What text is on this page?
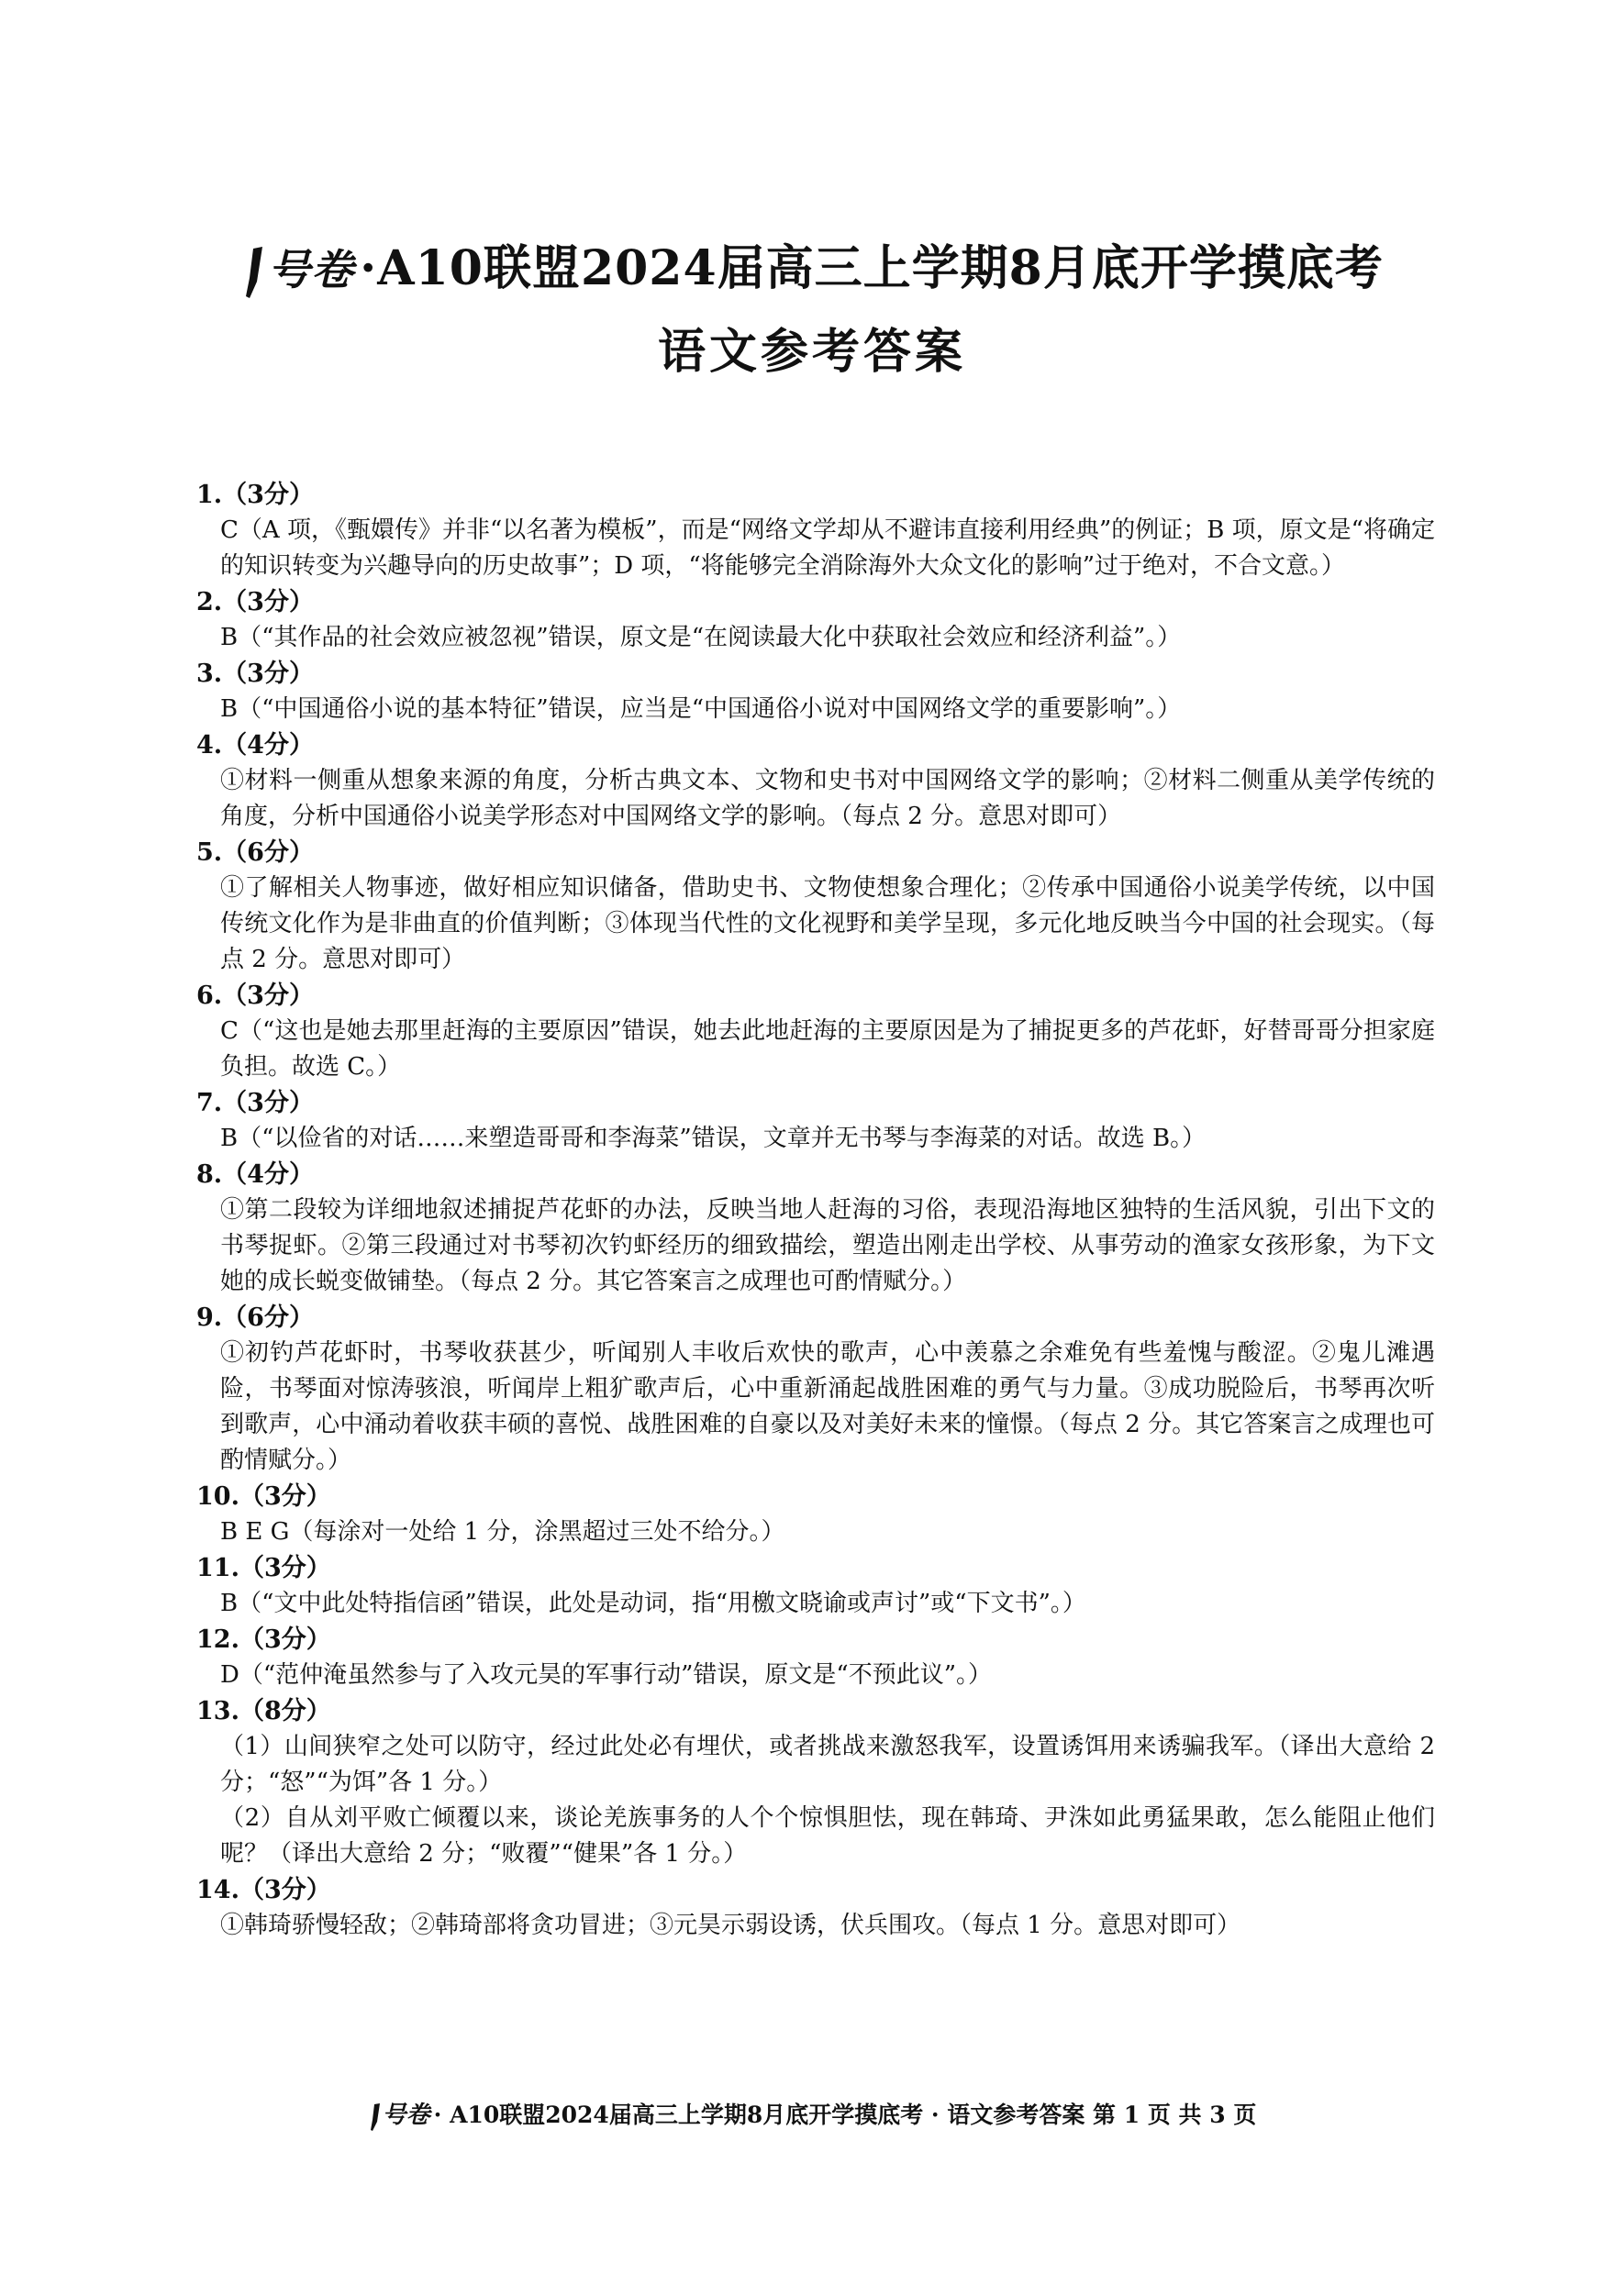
号卷 ·A10联盟2024届高三上学期8月底开学摸底考
语文参考答案
1.（3分）

C（A 项，《甄嬛传》并非“以名著为模板”，而是“网络文学却从不避讳直接利用经典”的例证；B 项，原文是“将确定的知识转变为兴趣导向的历史故事”；D 项，“将能够完全消除海外大众文化的影响”过于绝对，不合文意。）

2.（3分）

B（“其作品的社会效应被忽视”错误，原文是“在阅读最大化中获取社会效应和经济利益”。）

3.（3分）

B（“中国通俗小说的基本特征”错误，应当是“中国通俗小说对中国网络文学的重要影响”。）

4.（4分）

①材料一侧重从想象来源的角度，分析古典文本、文物和史书对中国网络文学的影响；②材料二侧重从美学传统的角度，分析中国通俗小说美学形态对中国网络文学的影响。（每点 2 分。意思对即可）

5.（6分）

①了解相关人物事迹，做好相应知识储备，借助史书、文物使想象合理化；②传承中国通俗小说美学传统，以中国传统文化作为是非曲直的价值判断；③体现当代性的文化视野和美学呈现，多元化地反映当今中国的社会现实。（每点 2 分。意思对即可）

6.（3分）

C（“这也是她去那里赶海的主要原因”错误，她去此地赶海的主要原因是为了捕捉更多的芦花虾，好替哥哥分担家庭负担。故选 C。）

7.（3分）

B（“以俭省的对话……来塑造哥哥和李海菜”错误，文章并无书琴与李海菜的对话。故选 B。）

8.（4分）

①第二段较为详细地叙述捕捉芦花虾的办法，反映当地人赶海的习俗，表现沿海地区独特的生活风貌，引出下文的书琴捉虾。②第三段通过对书琴初次钓虾经历的细致描绘，塑造出刚走出学校、从事劳动的渔家女孩形象，为下文她的成长蜕变做铺垫。（每点 2 分。其它答案言之成理也可酌情赋分。）

9.（6分）

①初钓芦花虾时，书琴收获甚少，听闻别人丰收后欢快的歌声，心中羡慕之余难免有些羞愧与酸涩。②鬼儿滩遇险，书琴面对惊涛骇浪，听闻岸上粗犷歌声后，心中重新涌起战胜困难的勇气与力量。③成功脱险后，书琴再次听到歌声，心中涌动着收获丰硕的喜悦、战胜困难的自豪以及对美好未来的憧憬。（每点 2 分。其它答案言之成理也可酌情赋分。）

10.（3分）

B E G（每涂对一处给 1 分，涂黑超过三处不给分。）

11.（3分）

B（“文中此处特指信函”错误，此处是动词，指“用檄文晓谕或声讨”或“下文书”。）

12.（3分）

D（“范仲淹虽然参与了入攻元昊的军事行动”错误，原文是“不预此议”。）

13.（8分）

（1）山间狭窄之处可以防守，经过此处必有埋伏，或者挑战来激怒我军，设置诱饵用来诱骗我军。（译出大意给 2 分；“怒”“为饵”各 1 分。）

（2）自从刘平败亡倾覆以来，谈论羌族事务的人个个惊惧胆怯，现在韩琦、尹洙如此勇猛果敢，怎么能阻止他们呢？（译出大意给 2 分；“败覆”“健果”各 1 分。）

14.（3分）

①韩琦骄慢轻敌；②韩琦部将贪功冒进；③元昊示弱设诱，伏兵围攻。（每点 1 分。意思对即可）

号卷 · A10联盟2024届高三上学期8月底开学摸底考 · 语文参考答案 第 1 页 共 3 页
